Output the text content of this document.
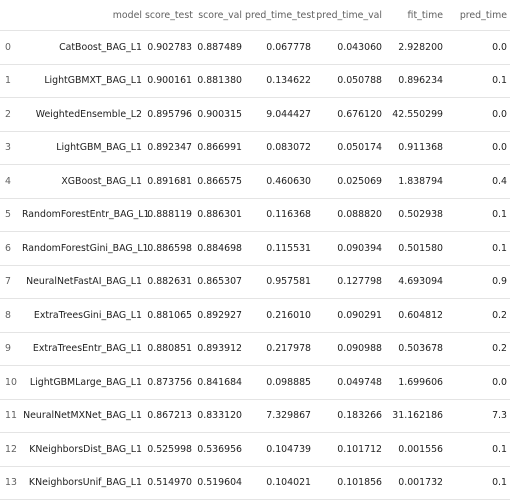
	model	score_test	score_val	pred_time_test	pred_time_val	fit_time	pred_time
0	CatBoost_BAG_L1	0.902783	0.887489	0.067778	0.043060	2.928200	0.0
1	LightGBMXT_BAG_L1	0.900161	0.881380	0.134622	0.050788	0.896234	0.1
2	WeightedEnsemble_L2	0.895796	0.900315	9.044427	0.676120	42.550299	0.0
3	LightGBM_BAG_L1	0.892347	0.866991	0.083072	0.050174	0.911368	0.0
4	XGBoost_BAG_L1	0.891681	0.866575	0.460630	0.025069	1.838794	0.4
5	RandomForestEntr_BAG_L1	0.888119	0.886301	0.116368	0.088820	0.502938	0.1
6	RandomForestGini_BAG_L1	0.886598	0.884698	0.115531	0.090394	0.501580	0.1
7	NeuralNetFastAI_BAG_L1	0.882631	0.865307	0.957581	0.127798	4.693094	0.9
8	ExtraTreesGini_BAG_L1	0.881065	0.892927	0.216010	0.090291	0.604812	0.2
9	ExtraTreesEntr_BAG_L1	0.880851	0.893912	0.217978	0.090988	0.503678	0.2
10	LightGBMLarge_BAG_L1	0.873756	0.841684	0.098885	0.049748	1.699606	0.0
11	NeuralNetMXNet_BAG_L1	0.867213	0.833120	7.329867	0.183266	31.162186	7.3
12	KNeighborsDist_BAG_L1	0.525998	0.536956	0.104739	0.101712	0.001556	0.1
13	KNeighborsUnif_BAG_L1	0.514970	0.519604	0.104021	0.101856	0.001732	0.1
